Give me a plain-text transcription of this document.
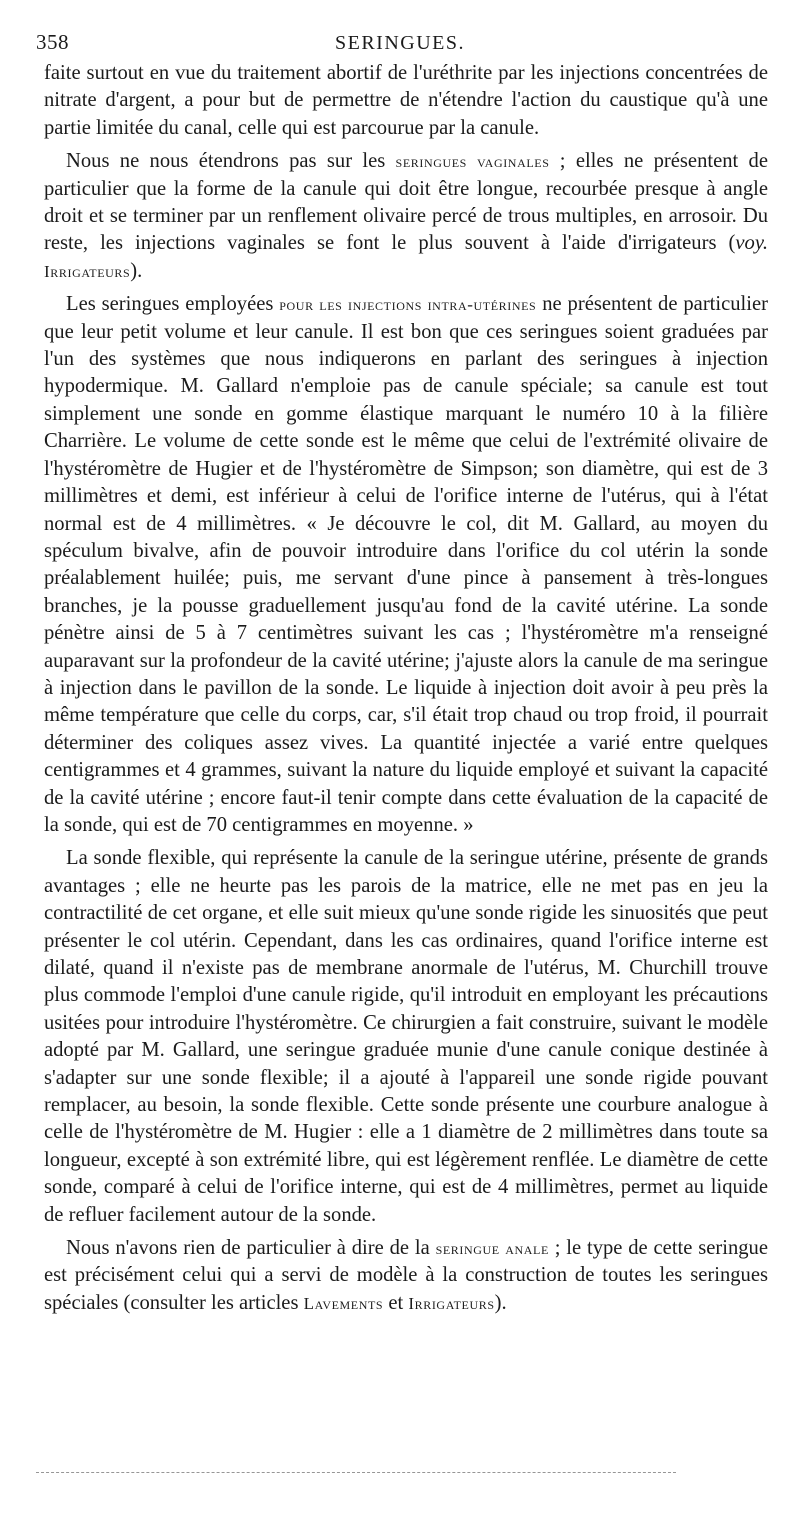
358	SERINGUES.

faite surtout en vue du traitement abortif de l'uréthrite par les injections concentrées de nitrate d'argent, a pour but de permettre de n'étendre l'action du caustique qu'à une partie limitée du canal, celle qui est parcourue par la canule.

Nous ne nous étendrons pas sur les seringues vaginales ; elles ne présentent de particulier que la forme de la canule qui doit être longue, recourbée presque à angle droit et se terminer par un renflement olivaire percé de trous multiples, en arrosoir. Du reste, les injections vaginales se font le plus souvent à l'aide d'irrigateurs (voy. Irrigateurs).

Les seringues employées pour les injections intra-utérines ne présentent de particulier que leur petit volume et leur canule. Il est bon que ces seringues soient graduées par l'un des systèmes que nous indiquerons en parlant des seringues à injection hypodermique. M. Gallard n'emploie pas de canule spéciale; sa canule est tout simplement une sonde en gomme élastique marquant le numéro 10 à la filière Charrière. Le volume de cette sonde est le même que celui de l'extrémité olivaire de l'hystéromètre de Hugier et de l'hystéromètre de Simpson; son diamètre, qui est de 3 millimètres et demi, est inférieur à celui de l'orifice interne de l'utérus, qui à l'état normal est de 4 millimètres. « Je découvre le col, dit M. Gallard, au moyen du spéculum bivalve, afin de pouvoir introduire dans l'orifice du col utérin la sonde préalablement huilée; puis, me servant d'une pince à pansement à très-longues branches, je la pousse graduellement jusqu'au fond de la cavité utérine. La sonde pénètre ainsi de 5 à 7 centimètres suivant les cas ; l'hystéromètre m'a renseigné auparavant sur la profondeur de la cavité utérine; j'ajuste alors la canule de ma seringue à injection dans le pavillon de la sonde. Le liquide à injection doit avoir à peu près la même température que celle du corps, car, s'il était trop chaud ou trop froid, il pourrait déterminer des coliques assez vives. La quantité injectée a varié entre quelques centigrammes et 4 grammes, suivant la nature du liquide employé et suivant la capacité de la cavité utérine ; encore faut-il tenir compte dans cette évaluation de la capacité de la sonde, qui est de 70 centigrammes en moyenne. »

La sonde flexible, qui représente la canule de la seringue utérine, présente de grands avantages ; elle ne heurte pas les parois de la matrice, elle ne met pas en jeu la contractilité de cet organe, et elle suit mieux qu'une sonde rigide les sinuosités que peut présenter le col utérin. Cependant, dans les cas ordinaires, quand l'orifice interne est dilaté, quand il n'existe pas de membrane anormale de l'utérus, M. Churchill trouve plus commode l'emploi d'une canule rigide, qu'il introduit en employant les précautions usitées pour introduire l'hystéromètre. Ce chirurgien a fait construire, suivant le modèle adopté par M. Gallard, une seringue graduée munie d'une canule conique destinée à s'adapter sur une sonde flexible; il a ajouté à l'appareil une sonde rigide pouvant remplacer, au besoin, la sonde flexible. Cette sonde présente une courbure analogue à celle de l'hystéromètre de M. Hugier : elle a 1 diamètre de 2 millimètres dans toute sa longueur, excepté à son extrémité libre, qui est légèrement renflée. Le diamètre de cette sonde, comparé à celui de l'orifice interne, qui est de 4 millimètres, permet au liquide de refluer facilement autour de la sonde.

Nous n'avons rien de particulier à dire de la seringue anale ; le type de cette seringue est précisément celui qui a servi de modèle à la construction de toutes les seringues spéciales (consulter les articles Lavements et Irrigateurs).
